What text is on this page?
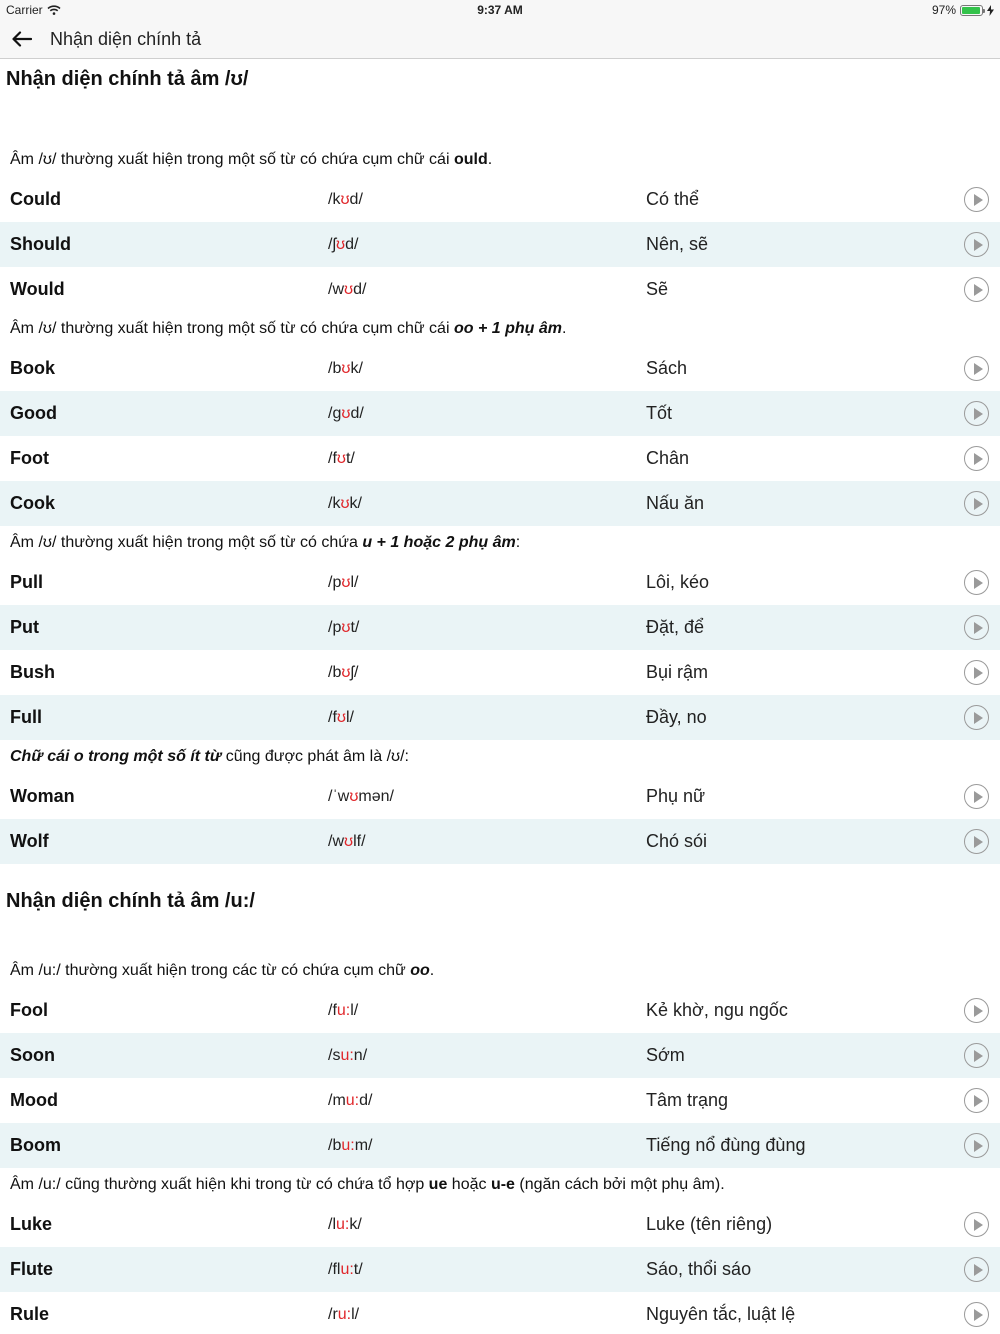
Carrier	9:37 AM	97%
Nhận diện chính tả
Nhận diện chính tả âm /ʊ/
Âm /ʊ/ thường xuất hiện trong một số từ có chứa cụm chữ cái ould.
Could	/kʊd/	Có thể
Should	/ʃʊd/	Nên, sẽ
Would	/wʊd/	Sẽ
Âm /ʊ/ thường xuất hiện trong một số từ có chứa cụm chữ cái oo + 1 phụ âm.
Book	/bʊk/	Sách
Good	/gʊd/	Tốt
Foot	/fʊt/	Chân
Cook	/kʊk/	Nấu ăn
Âm /ʊ/ thường xuất hiện trong một số từ có chứa u + 1 hoặc 2 phụ âm:
Pull	/pʊl/	Lôi, kéo
Put	/pʊt/	Đặt, để
Bush	/bʊʃ/	Bụi rậm
Full	/fʊl/	Đầy, no
Chữ cái o trong một số ít từ cũng được phát âm là /ʊ/:
Woman	/ˈwʊmən/	Phụ nữ
Wolf	/wʊlf/	Chó sói
Nhận diện chính tả âm /u:/
Âm /u:/ thường xuất hiện trong các từ có chứa cụm chữ oo.
Fool	/fu:l/	Kẻ khờ, ngu ngốc
Soon	/su:n/	Sớm
Mood	/mu:d/	Tâm trạng
Boom	/bu:m/	Tiếng nổ đùng đùng
Âm /u:/ cũng thường xuất hiện khi trong từ có chứa tổ hợp ue hoặc u-e (ngăn cách bởi một phụ âm).
Luke	/lu:k/	Luke (tên riêng)
Flute	/flu:t/	Sáo, thổi sáo
Rule	/ru:l/	Nguyên tắc, luật lệ
